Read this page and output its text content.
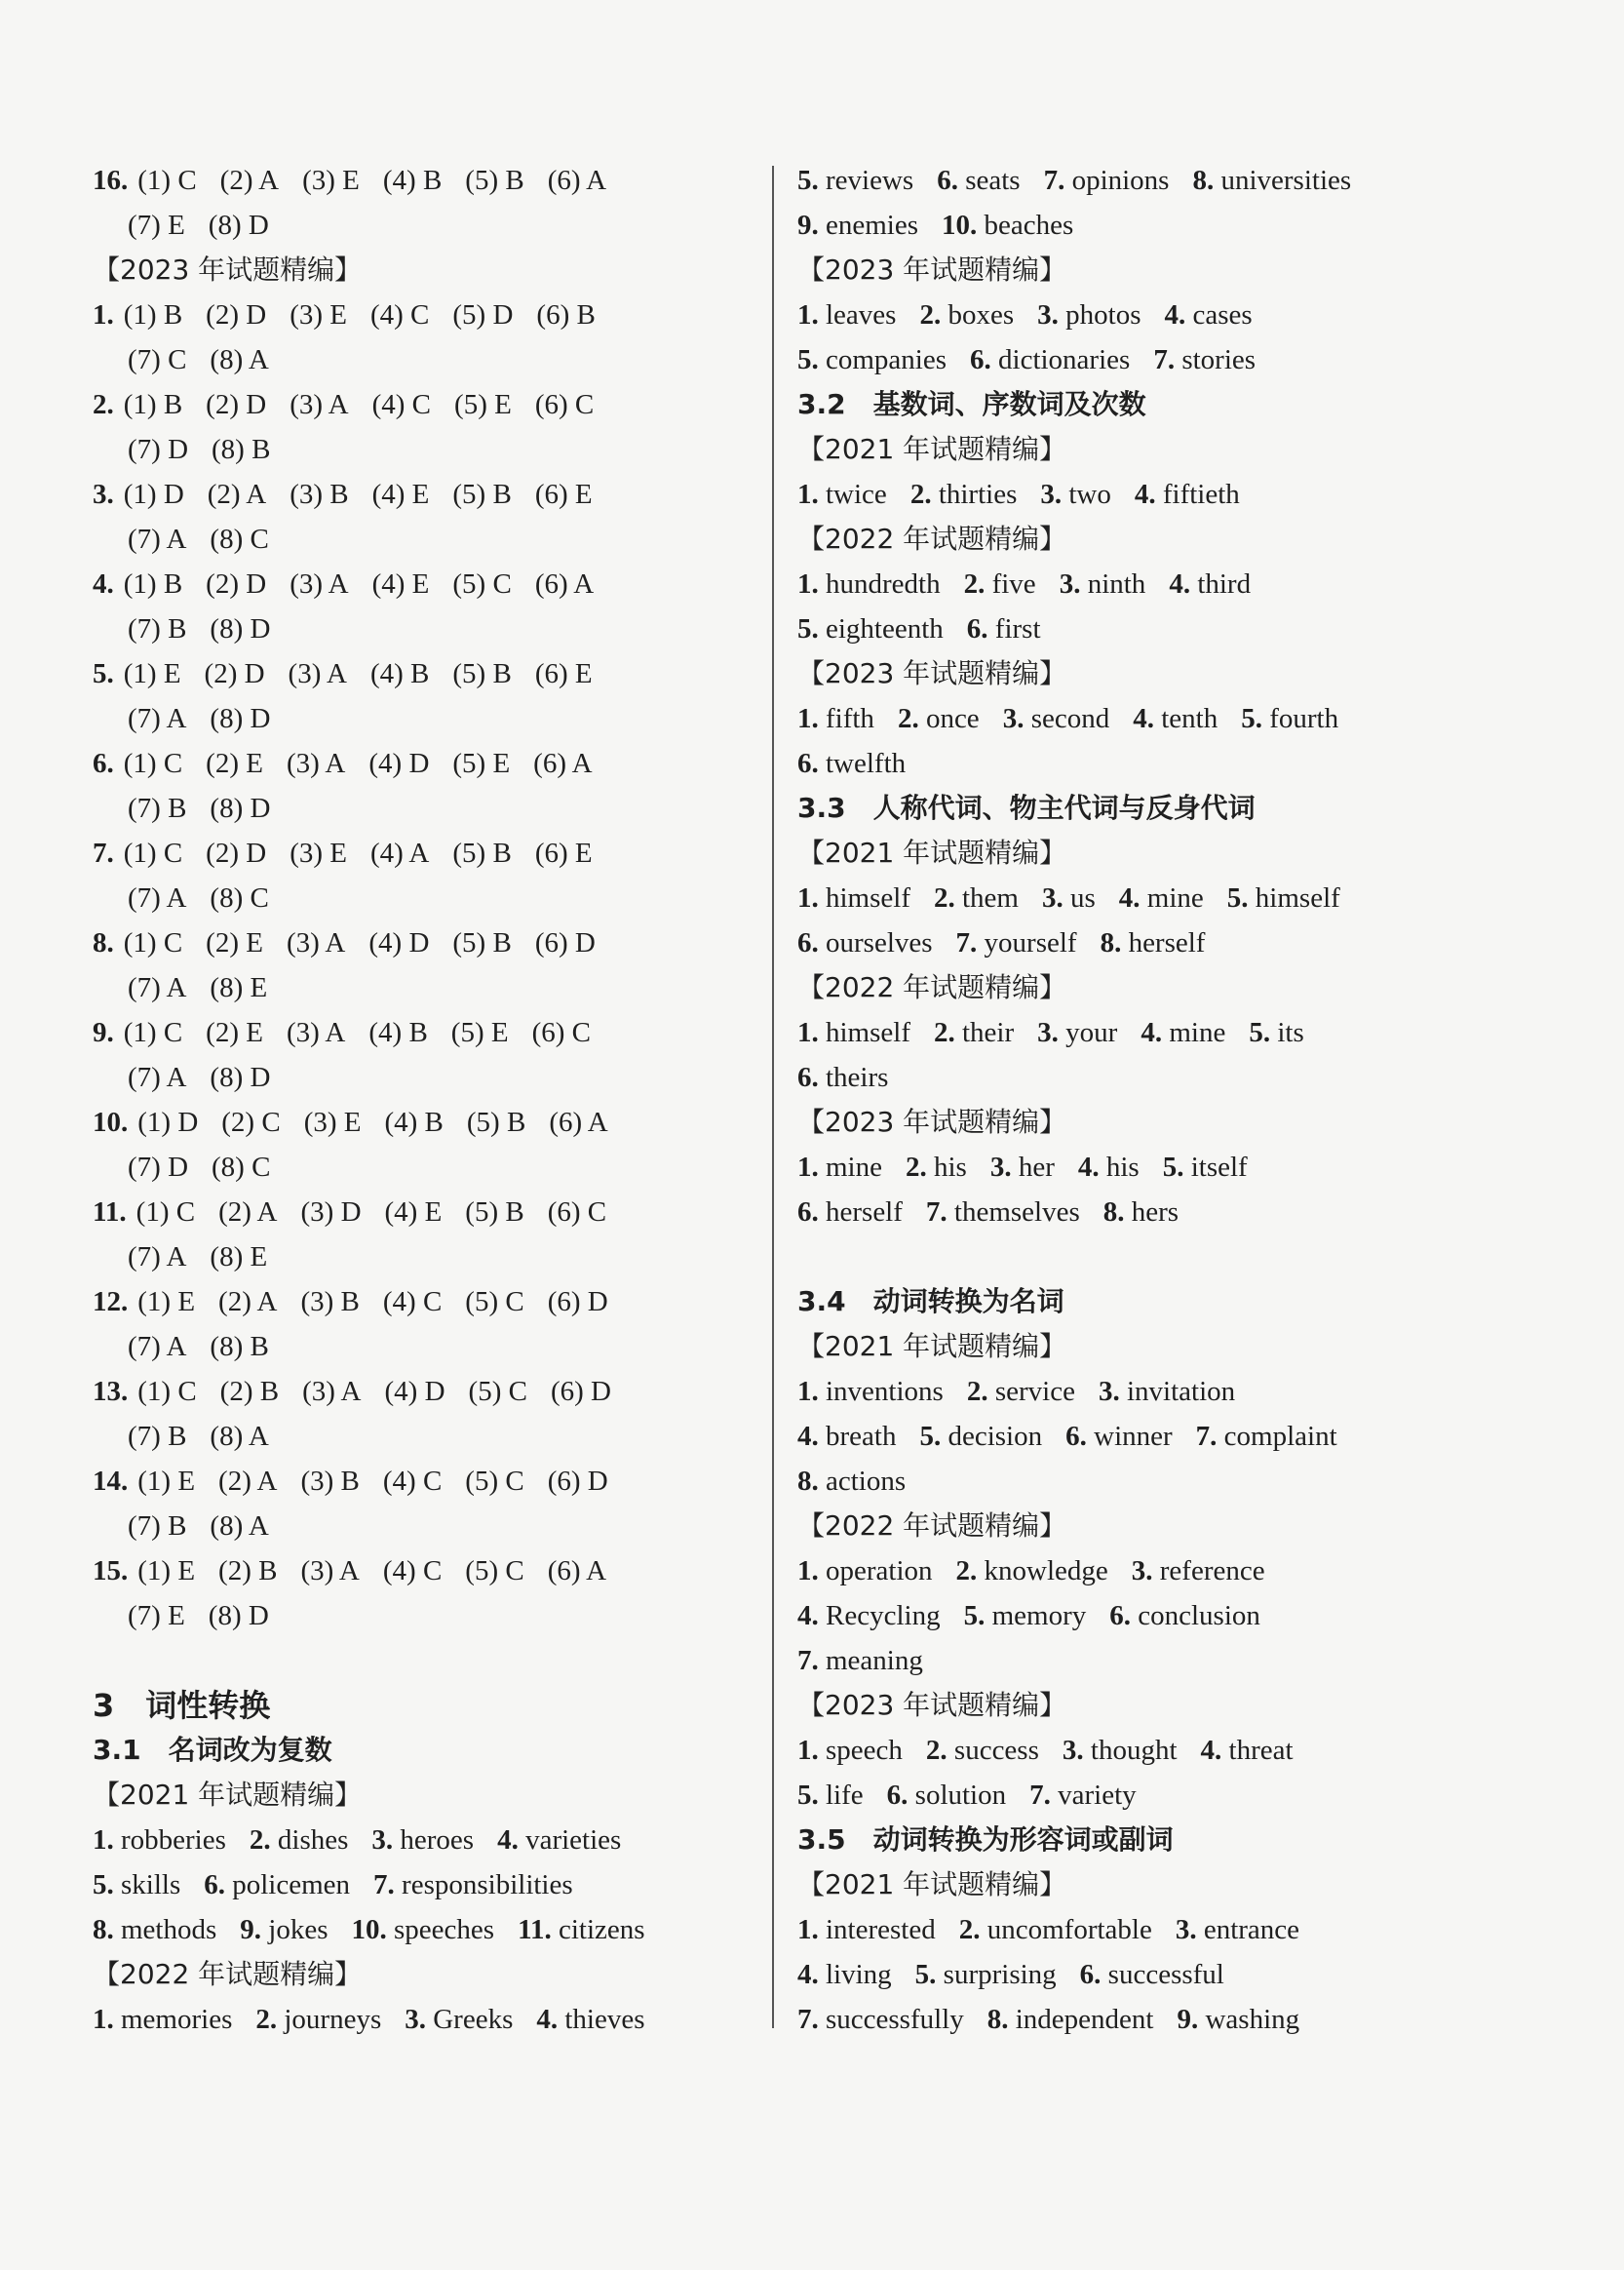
16. (1) C (2) A (3) E (4) B (5) B (6) A
(7) E (8) D
【2023 年试题精编】
1. (1) B (2) D (3) E (4) C (5) D (6) B
(7) C (8) A
2. (1) B (2) D (3) A (4) C (5) E (6) C
(7) D (8) B
3. (1) D (2) A (3) B (4) E (5) B (6) E
(7) A (8) C
4. (1) B (2) D (3) A (4) E (5) C (6) A
(7) B (8) D
5. (1) E (2) D (3) A (4) B (5) B (6) E
(7) A (8) D
6. (1) C (2) E (3) A (4) D (5) E (6) A
(7) B (8) D
7. (1) C (2) D (3) E (4) A (5) B (6) E
(7) A (8) C
8. (1) C (2) E (3) A (4) D (5) B (6) D
(7) A (8) E
9. (1) C (2) E (3) A (4) B (5) E (6) C
(7) A (8) D
10. (1) D (2) C (3) E (4) B (5) B (6) A
(7) D (8) C
11. (1) C (2) A (3) D (4) E (5) B (6) C
(7) A (8) E
12. (1) E (2) A (3) B (4) C (5) C (6) D
(7) A (8) B
13. (1) C (2) B (3) A (4) D (5) C (6) D
(7) B (8) A
14. (1) E (2) A (3) B (4) C (5) C (6) D
(7) B (8) A
15. (1) E (2) B (3) A (4) C (5) C (6) A
(7) E (8) D
3　词性转换
3.1　名词改为复数
【2021 年试题精编】
1. robberies 2. dishes 3. heroes 4. varieties
5. skills 6. policemen 7. responsibilities
8. methods 9. jokes 10. speeches 11. citizens
【2022 年试题精编】
1. memories 2. journeys 3. Greeks 4. thieves
5. reviews 6. seats 7. opinions 8. universities
9. enemies 10. beaches
【2023 年试题精编】
1. leaves 2. boxes 3. photos 4. cases
5. companies 6. dictionaries 7. stories
3.2　基数词、序数词及次数
【2021 年试题精编】
1. twice 2. thirties 3. two 4. fiftieth
【2022 年试题精编】
1. hundredth 2. five 3. ninth 4. third
5. eighteenth 6. first
【2023 年试题精编】
1. fifth 2. once 3. second 4. tenth 5. fourth
6. twelfth
3.3　人称代词、物主代词与反身代词
【2021 年试题精编】
1. himself 2. them 3. us 4. mine 5. himself
6. ourselves 7. yourself 8. herself
【2022 年试题精编】
1. himself 2. their 3. your 4. mine 5. its
6. theirs
【2023 年试题精编】
1. mine 2. his 3. her 4. his 5. itself
6. herself 7. themselves 8. hers
3.4　动词转换为名词
【2021 年试题精编】
1. inventions 2. service 3. invitation
4. breath 5. decision 6. winner 7. complaint
8. actions
【2022 年试题精编】
1. operation 2. knowledge 3. reference
4. Recycling 5. memory 6. conclusion
7. meaning
【2023 年试题精编】
1. speech 2. success 3. thought 4. threat
5. life 6. solution 7. variety
3.5　动词转换为形容词或副词
【2021 年试题精编】
1. interested 2. uncomfortable 3. entrance
4. living 5. surprising 6. successful
7. successfully 8. independent 9. washing
